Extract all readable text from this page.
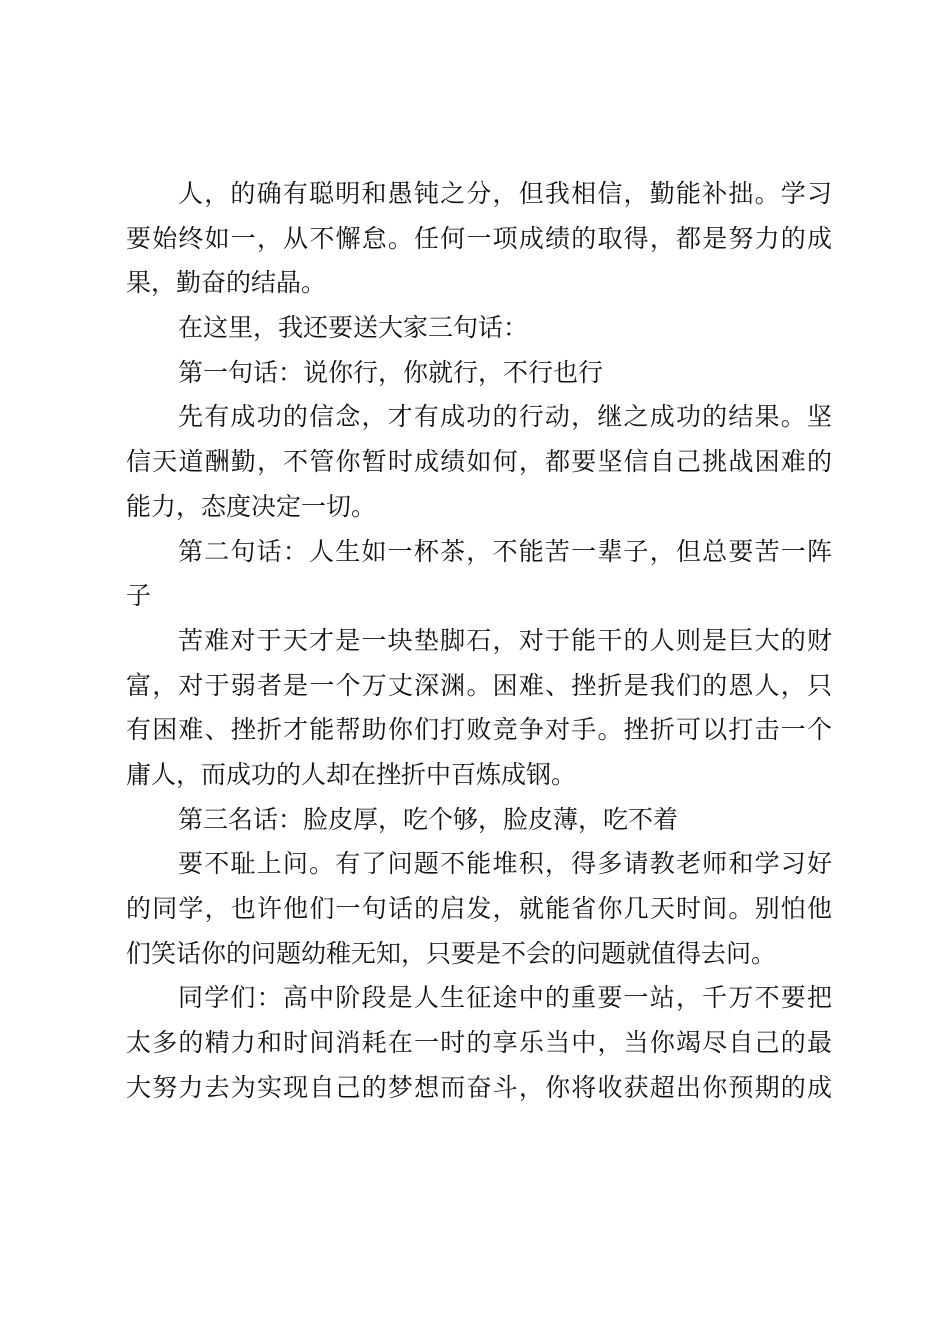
人，的确有聪明和愚钝之分，但我相信，勤能补拙。学习
要始终如一，从不懈怠。任何一项成绩的取得，都是努力的成
果，勤奋的结晶。
在这里，我还要送大家三句话：
第一句话：说你行，你就行，不行也行
先有成功的信念，才有成功的行动，继之成功的结果。坚
信天道酬勤，不管你暂时成绩如何，都要坚信自己挑战困难的
能力，态度决定一切。
第二句话：人生如一杯茶，不能苦一辈子，但总要苦一阵
子
苦难对于天才是一块垫脚石，对于能干的人则是巨大的财
富，对于弱者是一个万丈深渊。困难、挫折是我们的恩人，只
有困难、挫折才能帮助你们打败竞争对手。挫折可以打击一个
庸人，而成功的人却在挫折中百炼成钢。
第三名话：脸皮厚，吃个够，脸皮薄，吃不着
要不耻上问。有了问题不能堆积，得多请教老师和学习好
的同学，也许他们一句话的启发，就能省你几天时间。别怕他
们笑话你的问题幼稚无知，只要是不会的问题就值得去问。
同学们：高中阶段是人生征途中的重要一站，千万不要把
太多的精力和时间消耗在一时的享乐当中，当你竭尽自己的最
大努力去为实现自己的梦想而奋斗，你将收获超出你预期的成
